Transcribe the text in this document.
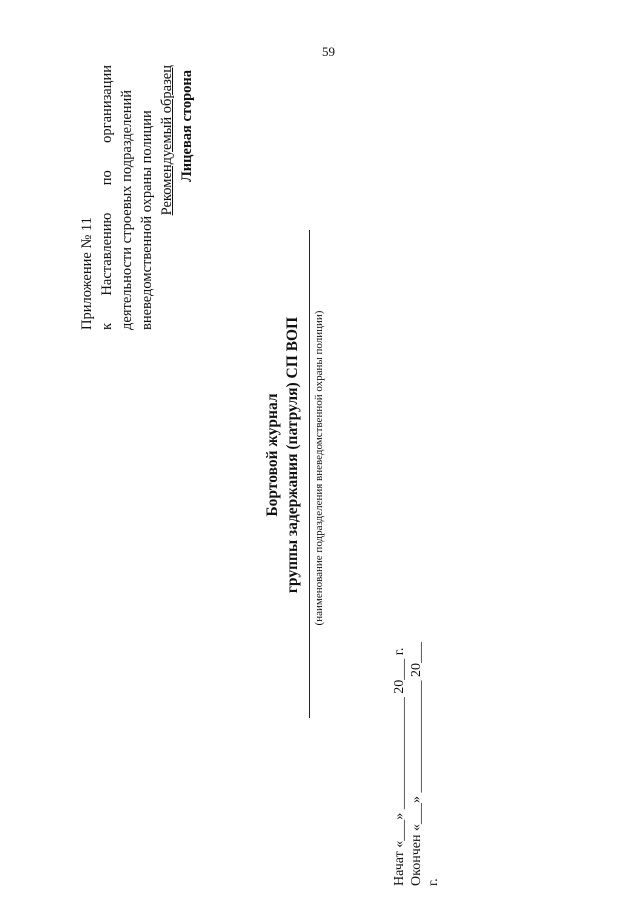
59
Приложение № 11 к Наставлению по организации деятельности строевых подразделений вневедомственной охраны полиции Рекомендуемый образец Лицевая сторона
Бортовой журнал группы задержания (патруля) СП ВОП (наименование подразделения вневедомственной охраны полиции)
Начат «___» ________________ 20___ г. Окончен «___» ________________ 20___ г.
